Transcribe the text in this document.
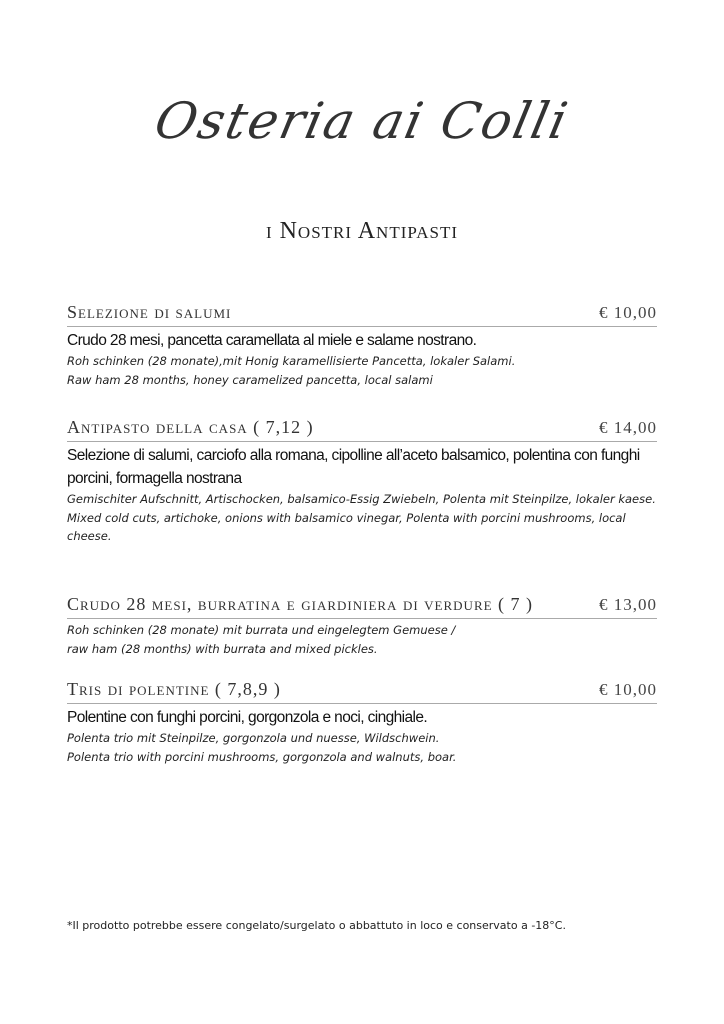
Osteria ai Colli
i Nostri Antipasti
Selezione di salumi	€ 10,00
Crudo 28 mesi, pancetta caramellata al miele e salame nostrano.
Roh schinken (28 monate),mit Honig karamellisierte Pancetta, lokaler Salami.
Raw ham 28 months, honey caramelized pancetta, local salami
Antipasto della casa ( 7,12 )	€ 14,00
Selezione di salumi, carciofo alla romana, cipolline all’aceto balsamico, polentina con funghi porcini, formagella nostrana
Gemischiter Aufschnitt, Artischocken, balsamico-Essig Zwiebeln, Polenta mit Steinpilze, lokaler kaese.
Mixed cold cuts, artichoke, onions with balsamico vinegar, Polenta with porcini mushrooms, local cheese.
Crudo 28 mesi, burratina e giardiniera di verdure ( 7 )	€ 13,00
Roh schinken (28 monate) mit burrata und eingelegtem Gemuese /
raw ham (28 months) with burrata and mixed pickles.
Tris di polentine ( 7,8,9 )	€ 10,00
Polentine con funghi porcini, gorgonzola e noci, cinghiale.
Polenta trio mit Steinpilze, gorgonzola und nuesse, Wildschwein.
Polenta trio with porcini mushrooms, gorgonzola and walnuts, boar.
*Il prodotto potrebbe essere congelato/surgelato o abbattuto in loco e conservato a -18°C.
